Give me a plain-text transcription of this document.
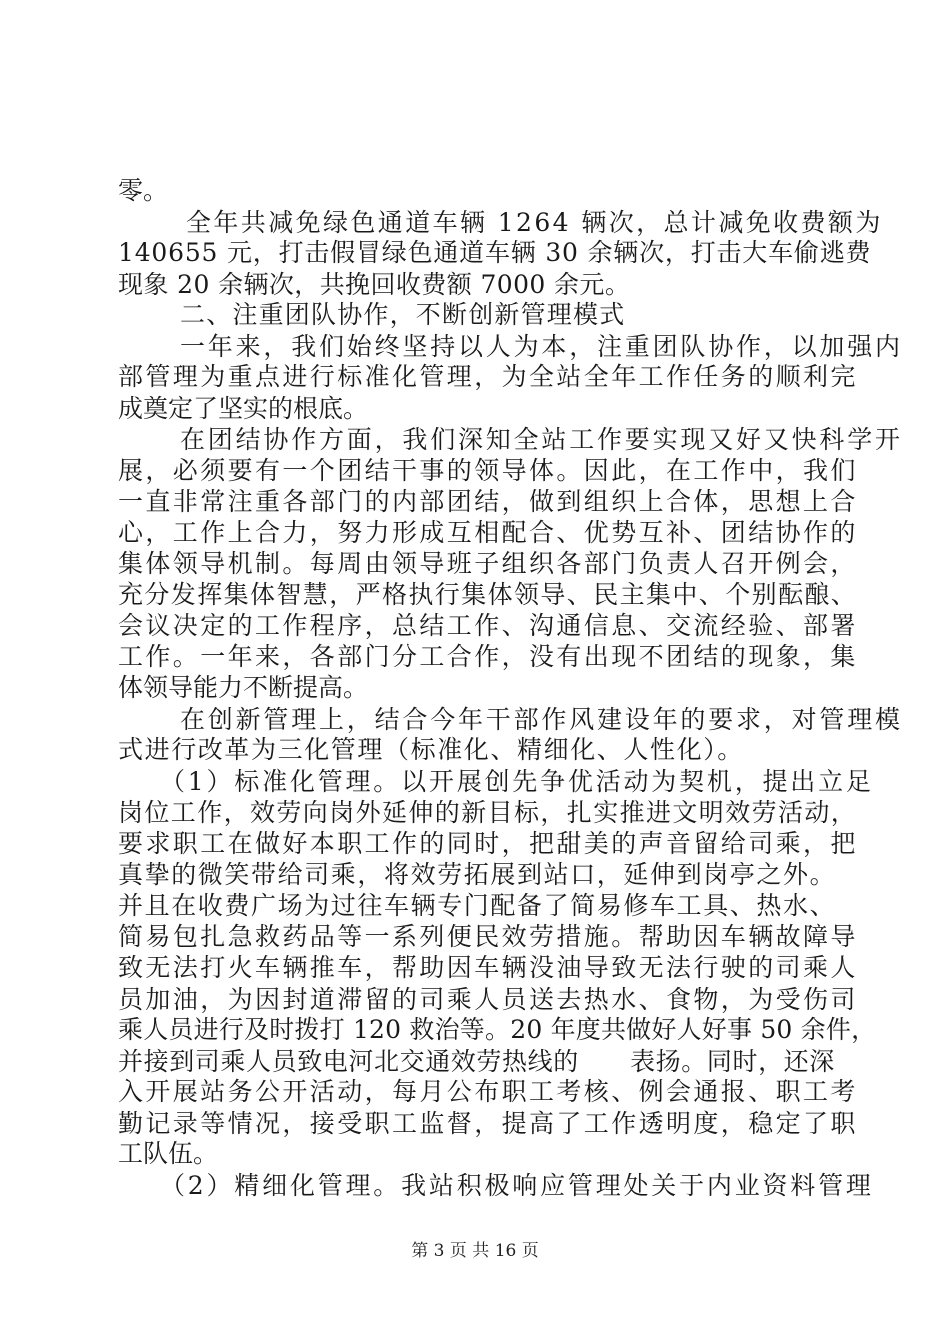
零。

全年共减免绿色通道车辆 1264 辆次，总计减免收费额为

140655 元，打击假冒绿色通道车辆 30 余辆次，打击大车偷逃费

现象 20 余辆次，共挽回收费额 7000 余元。

二、注重团队协作，不断创新管理模式

一年来，我们始终坚持以人为本，注重团队协作，以加强内

部管理为重点进行标准化管理，为全站全年工作任务的顺利完

成奠定了坚实的根底。

在团结协作方面，我们深知全站工作要实现又好又快科学开

展，必须要有一个团结干事的领导体。因此，在工作中，我们

一直非常注重各部门的内部团结，做到组织上合体，思想上合

心，工作上合力，努力形成互相配合、优势互补、团结协作的

集体领导机制。每周由领导班子组织各部门负责人召开例会，

充分发挥集体智慧，严格执行集体领导、民主集中、个别酝酿、

会议决定的工作程序，总结工作、沟通信息、交流经验、部署

工作。一年来，各部门分工合作，没有出现不团结的现象，集

体领导能力不断提高。

在创新管理上，结合今年干部作风建设年的要求，对管理模

式进行改革为三化管理（标准化、精细化、人性化）。

（1）标准化管理。以开展创先争优活动为契机，提出立足

岗位工作，效劳向岗外延伸的新目标，扎实推进文明效劳活动，

要求职工在做好本职工作的同时，把甜美的声音留给司乘，把

真挚的微笑带给司乘，将效劳拓展到站口，延伸到岗亭之外。

并且在收费广场为过往车辆专门配备了简易修车工具、热水、

简易包扎急救药品等一系列便民效劳措施。帮助因车辆故障导

致无法打火车辆推车，帮助因车辆没油导致无法行驶的司乘人

员加油，为因封道滞留的司乘人员送去热水、食物，为受伤司

乘人员进行及时拨打 120 救治等。20 年度共做好人好事 50 余件，

并接到司乘人员致电河北交通效劳热线的      表扬。同时，还深

入开展站务公开活动，每月公布职工考核、例会通报、职工考

勤记录等情况，接受职工监督，提高了工作透明度，稳定了职

工队伍。

（2）精细化管理。我站积极响应管理处关于内业资料管理

第 3 页 共 16 页
